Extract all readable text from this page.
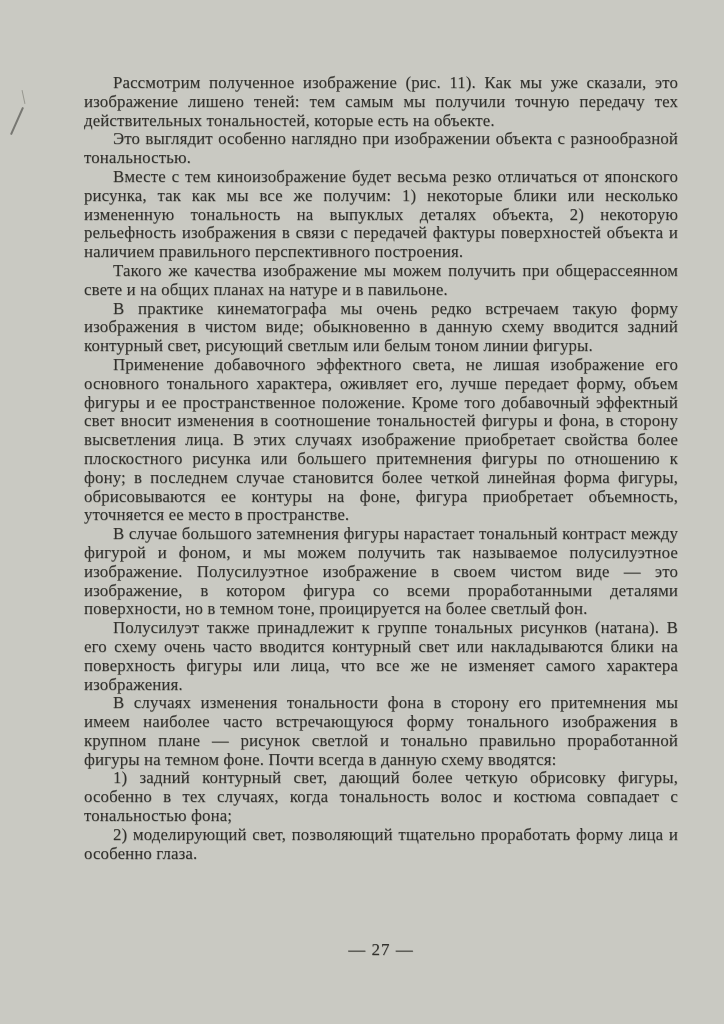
Рассмотрим полученное изображение (рис. 11). Как мы уже сказали, это изображение лишено теней: тем самым мы получили точную передачу тех действительных тональностей, которые есть на объекте.

Это выглядит особенно наглядно при изображении объекта с разнообразной тональностью.

Вместе с тем киноизображение будет весьма резко отличаться от японского рисунка, так как мы все же получим: 1) некоторые блики или несколько измененную тональность на выпуклых деталях объекта, 2) некоторую рельефность изображения в связи с передачей фактуры поверхностей объекта и наличием правильного перспективного построения.

Такого же качества изображение мы можем получить при общерассеянном свете и на общих планах на натуре и в павильоне.

В практике кинематографа мы очень редко встречаем такую форму изображения в чистом виде; обыкновенно в данную схему вводится задний контурный свет, рисующий светлым или белым тоном линии фигуры.

Применение добавочного эффектного света, не лишая изображение его основного тонального характера, оживляет его, лучше передает форму, объем фигуры и ее пространственное положение. Кроме того добавочный эффектный свет вносит изменения в соотношение тональностей фигуры и фона, в сторону высветления лица. В этих случаях изображение приобретает свойства более плоскостного рисунка или большего притемнения фигуры по отношению к фону; в последнем случае становится более четкой линейная форма фигуры, обрисовываются ее контуры на фоне, фигура приобретает объемность, уточняется ее место в пространстве.

В случае большого затемнения фигуры нарастает тональный контраст между фигурой и фоном, и мы можем получить так называемое полусилуэтное изображение. Полусилуэтное изображение в своем чистом виде — это изображение, в котором фигура со всеми проработанными деталями поверхности, но в темном тоне, проицируется на более светлый фон.

Полусилуэт также принадлежит к группе тональных рисунков (натана). В его схему очень часто вводится контурный свет или накладываются блики на поверхность фигуры или лица, что все же не изменяет самого характера изображения.

В случаях изменения тональности фона в сторону его притемнения мы имеем наиболее часто встречающуюся форму тонального изображения в крупном плане — рисунок светлой и тонально правильно проработанной фигуры на темном фоне. Почти всегда в данную схему вводятся:

1) задний контурный свет, дающий более четкую обрисовку фигуры, особенно в тех случаях, когда тональность волос и костюма совпадает с тональностью фона;

2) моделирующий свет, позволяющий тщательно проработать форму лица и особенно глаза.

— 27 —
